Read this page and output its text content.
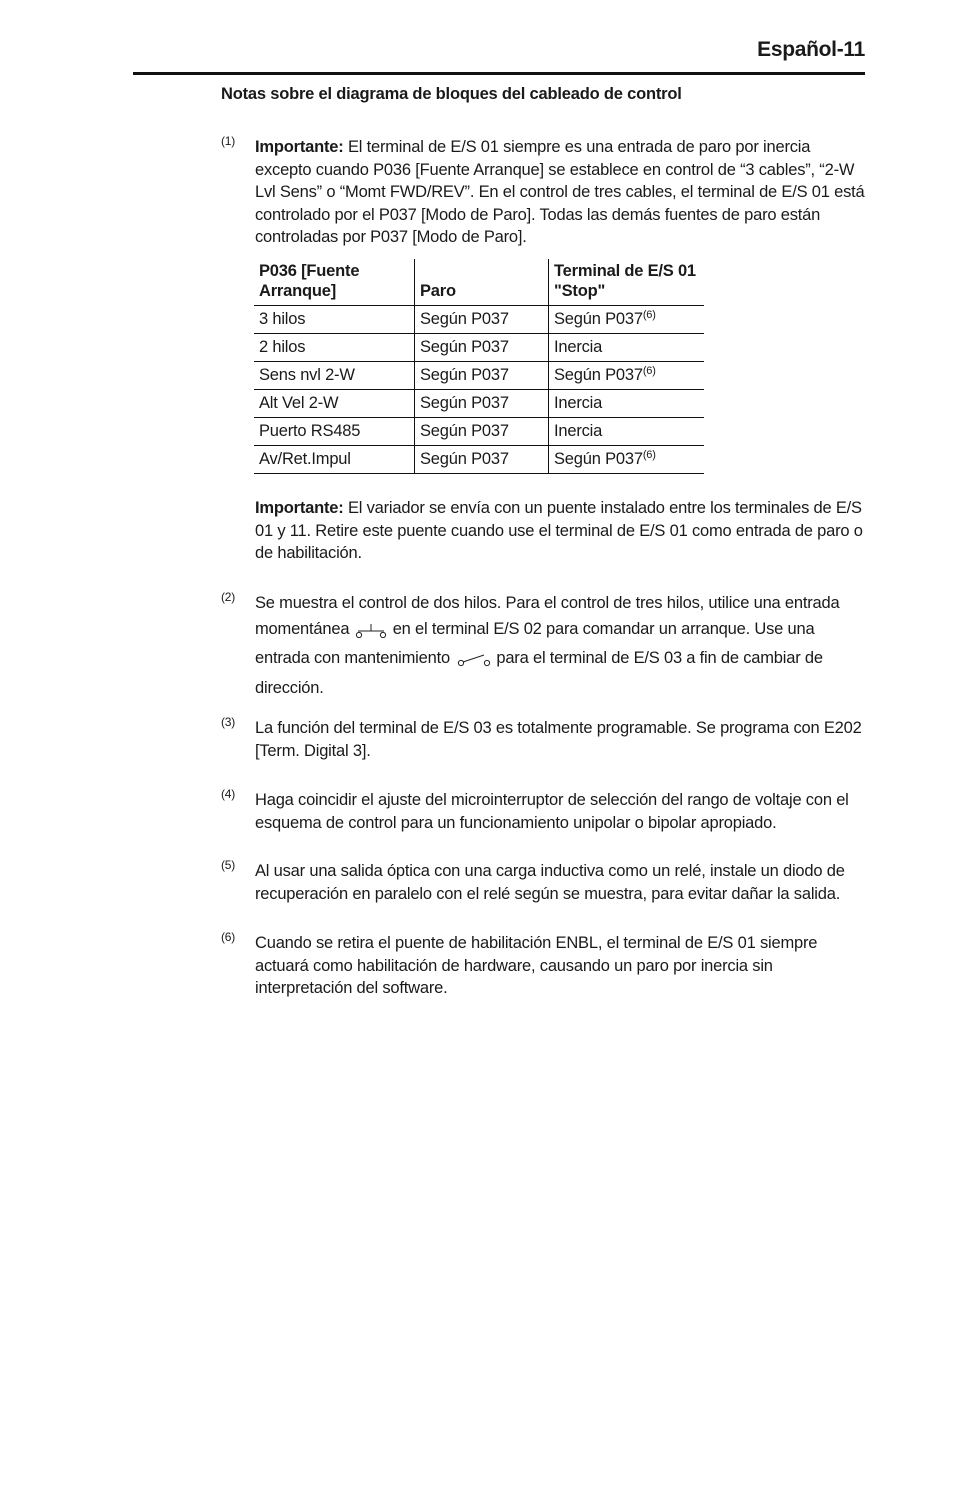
Español-11
Notas sobre el diagrama de bloques del cableado de control
(1) Importante: El terminal de E/S 01 siempre es una entrada de paro por inercia excepto cuando P036 [Fuente Arranque] se establece en control de “3 cables”, “2-W Lvl Sens” o “Momt FWD/REV”. En el control de tres cables, el terminal de E/S 01 está controlado por el P037 [Modo de Paro]. Todas las demás fuentes de paro están controladas por P037 [Modo de Paro].

P036 [Fuente Arranque]	Paro	Terminal de E/S 01 "Stop"
3 hilos	Según P037	Según P037$^{(6)}$
2 hilos	Según P037	Inercia
Sens nvl 2-W	Según P037	Según P037$^{(6)}$
Alt Vel 2-W	Según P037	Inercia
Puerto RS485	Según P037	Inercia
Av/Ret.Impul	Según P037	Según P037$^{(6)}$

Importante: El variador se envía con un puente instalado entre los terminales de E/S 01 y 11. Retire este puente cuando use el terminal de E/S 01 como entrada de paro o de habilitación.

(2) Se muestra el control de dos hilos. Para el control de tres hilos, utilice una entrada momentánea en el terminal E/S 02 para comandar un arranque. Use una entrada con mantenimiento	para el terminal de E/S 03 a fin de cambiar de dirección.

(3) La función del terminal de E/S 03 es totalmente programable. Se programa con E202 [Term. Digital 3].

(4) Haga coincidir el ajuste del microinterruptor de selección del rango de voltaje con el esquema de control para un funcionamiento unipolar o bipolar apropiado.

(5) Al usar una salida óptica con una carga inductiva como un relé, instale un diodo de recuperación en paralelo con el relé según se muestra, para evitar dañar la salida.

(6) Cuando se retira el puente de habilitación ENBL, el terminal de E/S 01 siempre actuará como habilitación de hardware, causando un paro por inercia sin interpretación del software.
